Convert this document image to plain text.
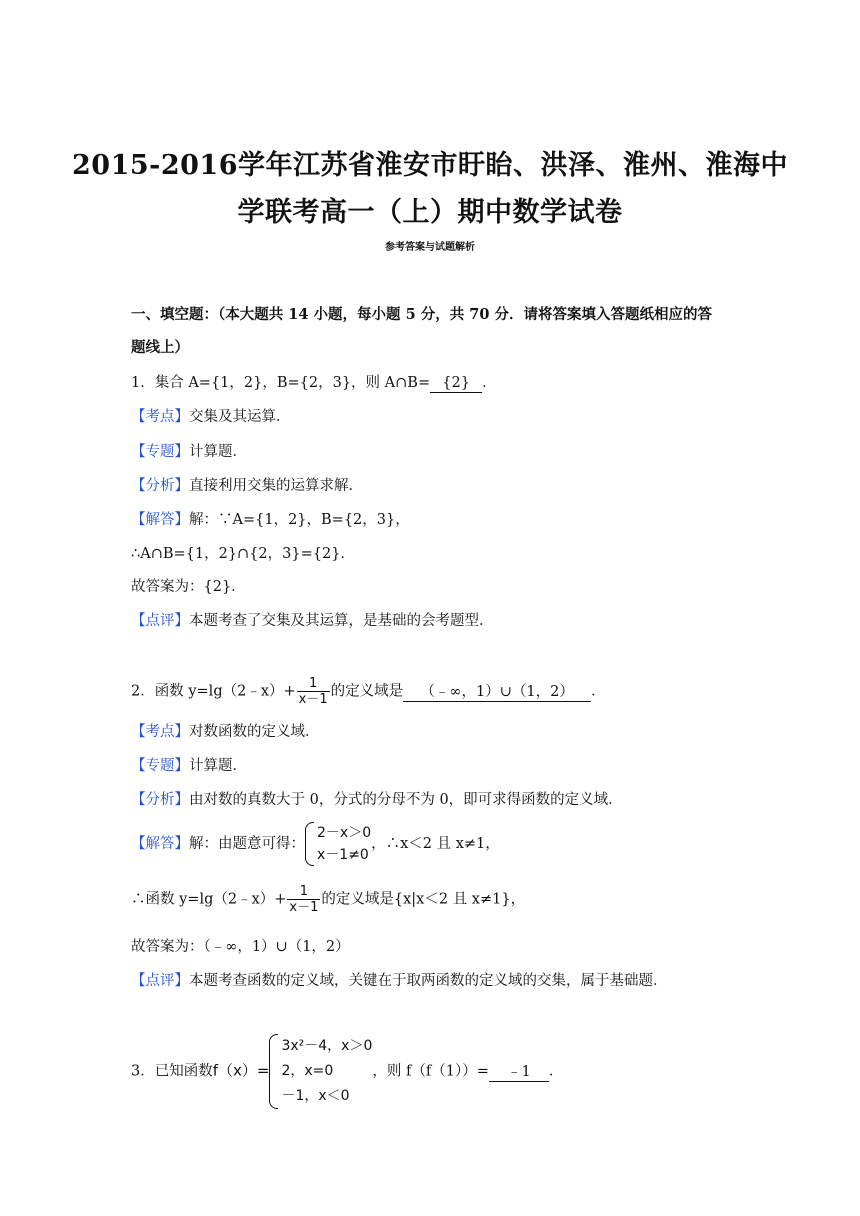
2015-2016学年江苏省淮安市盱眙、洪泽、淮州、淮海中
学联考高一（上）期中数学试卷
参考答案与试题解析
一、填空题：（本大题共 14 小题，每小题 5 分，共 70 分．请将答案填入答题纸相应的答
题线上）
1．集合 A={1，2}，B={2，3}，则 A∩B= {2} ．
【考点】交集及其运算．
【专题】计算题．
【分析】直接利用交集的运算求解．
【解答】解：∵A={1，2}，B={2，3}，
∴A∩B={1，2}∩{2，3}={2}．
故答案为：{2}．
【点评】本题考查了交集及其运算，是基础的会考题型．
2．函数 y=lg（2﹣x）+ $\frac{1}{x-1}$ 的定义域是 （﹣∞，1）∪（1，2） ．
【考点】对数函数的定义域．
【专题】计算题．
【分析】由对数的真数大于 0，分式的分母不为 0，即可求得函数的定义域．
【解答】解：由题意可得：
2－x＞0
x－1≠0
，∴x＜2 且 x≠1，
∴函数 y=lg（2﹣x）+ $\frac{1}{x-1}$ 的定义域是{x|x＜2 且 x≠1}，
故答案为：（﹣∞，1）∪（1，2）
【点评】本题考查函数的定义域，关键在于取两函数的定义域的交集，属于基础题．
3．已知函数f（x）=
3x²－4，x＞0
2，x=0
－1，x＜0
，则 f（f（1））= ﹣1 ．
